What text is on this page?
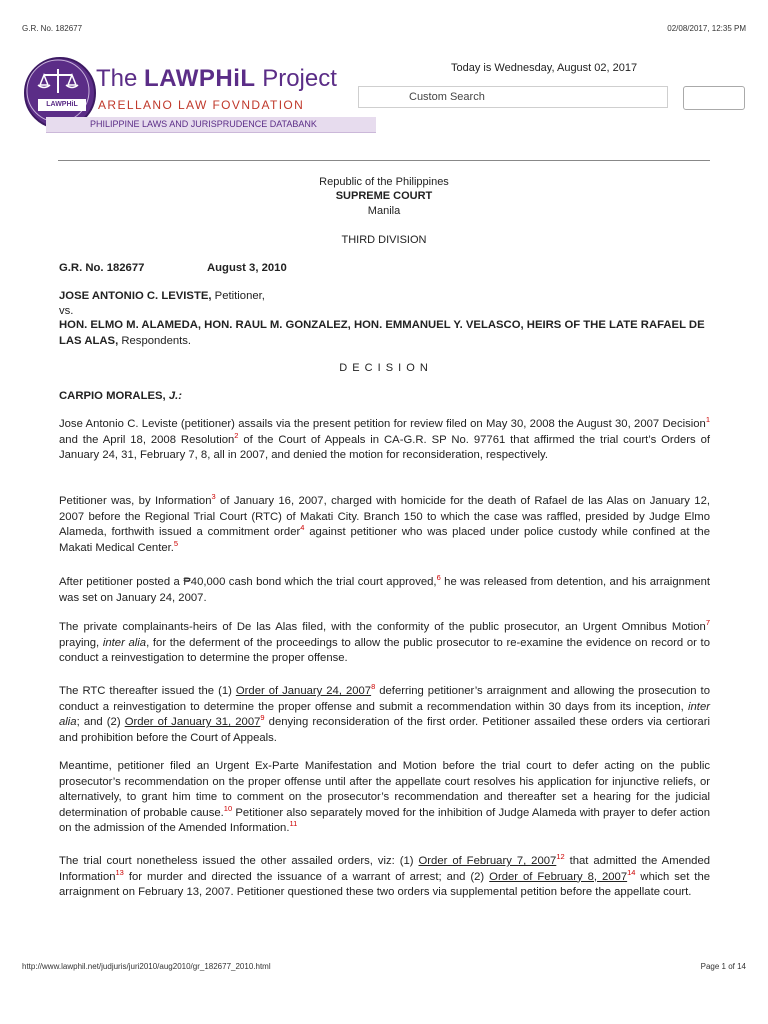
G.R. No. 182677	02/08/2017, 12:35 PM
LAWPHiL
PHILIPPINE LAWS AND JURISPRUDENCE DATABANK
The LAWPHiL Project
ARELLANO LAW FOVNDATION
Today is Wednesday, August 02, 2017
Custom Search
Republic of the Philippines
SUPREME COURT
Manila
THIRD DIVISION
G.R. No. 182677	August 3, 2010
JOSE ANTONIO C. LEVISTE, Petitioner,
vs.
HON. ELMO M. ALAMEDA, HON. RAUL M. GONZALEZ, HON. EMMANUEL Y. VELASCO, HEIRS OF THE LATE RAFAEL DE LAS ALAS, Respondents.
D E C I S I O N
CARPIO MORALES, J.:
Jose Antonio C. Leviste (petitioner) assails via the present petition for review filed on May 30, 2008 the August 30, 2007 Decision$^1$ and the April 18, 2008 Resolution$^2$ of the Court of Appeals in CA-G.R. SP No. 97761 that affirmed the trial court’s Orders of January 24, 31, February 7, 8, all in 2007, and denied the motion for reconsideration, respectively.
Petitioner was, by Information$^3$ of January 16, 2007, charged with homicide for the death of Rafael de las Alas on January 12, 2007 before the Regional Trial Court (RTC) of Makati City. Branch 150 to which the case was raffled, presided by Judge Elmo Alameda, forthwith issued a commitment order$^4$ against petitioner who was placed under police custody while confined at the Makati Medical Center.$^5$
After petitioner posted a ₱40,000 cash bond which the trial court approved,$^6$ he was released from detention, and his arraignment was set on January 24, 2007.
The private complainants-heirs of De las Alas filed, with the conformity of the public prosecutor, an Urgent Omnibus Motion$^7$ praying, inter alia, for the deferment of the proceedings to allow the public prosecutor to re-examine the evidence on record or to conduct a reinvestigation to determine the proper offense.
The RTC thereafter issued the (1) Order of January 24, 2007$^8$ deferring petitioner’s arraignment and allowing the prosecution to conduct a reinvestigation to determine the proper offense and submit a recommendation within 30 days from its inception, inter alia; and (2) Order of January 31, 2007$^9$ denying reconsideration of the first order. Petitioner assailed these orders via certiorari and prohibition before the Court of Appeals.
Meantime, petitioner filed an Urgent Ex-Parte Manifestation and Motion before the trial court to defer acting on the public prosecutor’s recommendation on the proper offense until after the appellate court resolves his application for injunctive reliefs, or alternatively, to grant him time to comment on the prosecutor’s recommendation and thereafter set a hearing for the judicial determination of probable cause.$^{10}$ Petitioner also separately moved for the inhibition of Judge Alameda with prayer to defer action on the admission of the Amended Information.$^{11}$
The trial court nonetheless issued the other assailed orders, viz: (1) Order of February 7, 2007$^{12}$ that admitted the Amended Information$^{13}$ for murder and directed the issuance of a warrant of arrest; and (2) Order of February 8, 2007$^{14}$ which set the arraignment on February 13, 2007. Petitioner questioned these two orders via supplemental petition before the appellate court.
http://www.lawphil.net/judjuris/juri2010/aug2010/gr_182677_2010.html	Page 1 of 14
